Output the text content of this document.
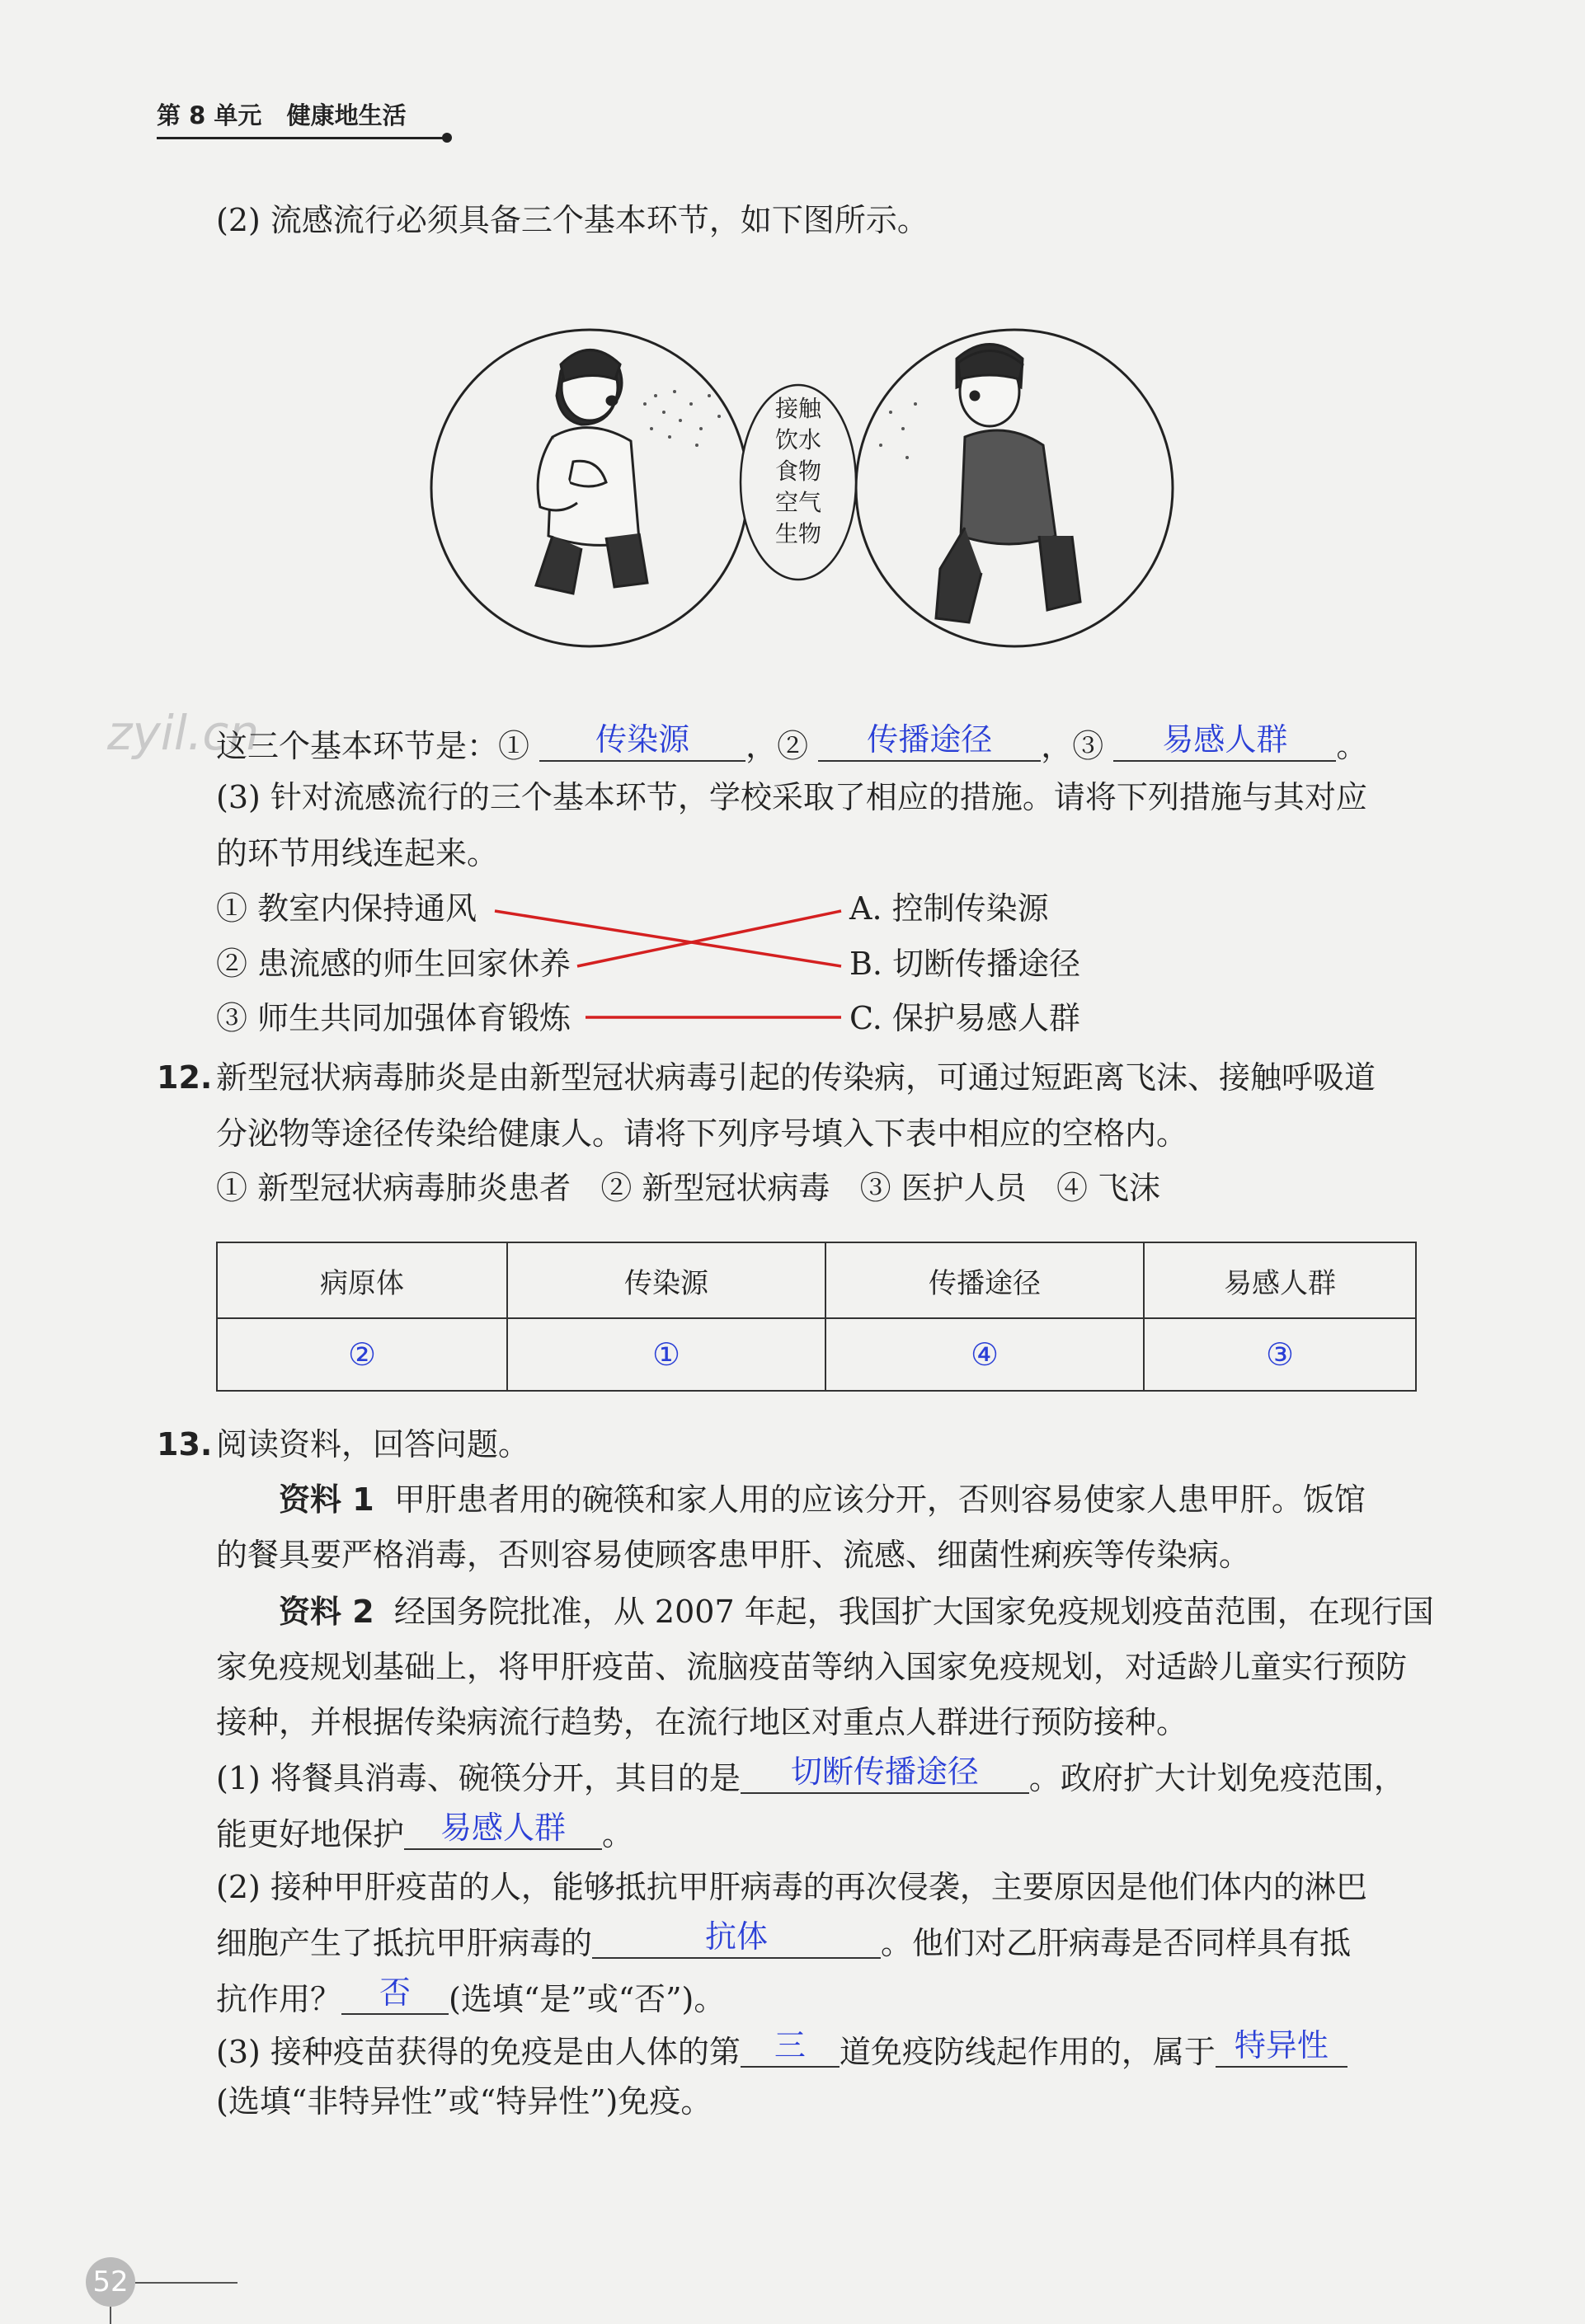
第 8 单元 健康地生活
(2) 流感流行必须具备三个基本环节，如下图所示。
接触
饮水
食物
空气
生物
zyil.cn
这三个基本环节是：①	传染源	，②	传播途径	，③	易感人群	。
(3) 针对流感流行的三个基本环节，学校采取了相应的措施。请将下列措施与其对应
的环节用线连起来。
① 教室内保持通风
② 患流感的师生回家休养
③ 师生共同加强体育锻炼
A. 控制传染源
B. 切断传播途径
C. 保护易感人群
12. 新型冠状病毒肺炎是由新型冠状病毒引起的传染病，可通过短距离飞沫、接触呼吸道
分泌物等途径传染给健康人。请将下列序号填入下表中相应的空格内。
① 新型冠状病毒肺炎患者   ② 新型冠状病毒   ③ 医护人员   ④ 飞沫
病原体	传染源	传播途径	易感人群
②	①	④	③
13. 阅读资料，回答问题。
资料 1 甲肝患者用的碗筷和家人用的应该分开，否则容易使家人患甲肝。饭馆
的餐具要严格消毒，否则容易使顾客患甲肝、流感、细菌性痢疾等传染病。
资料 2 经国务院批准，从 2007 年起，我国扩大国家免疫规划疫苗范围，在现行国
家免疫规划基础上，将甲肝疫苗、流脑疫苗等纳入国家免疫规划，对适龄儿童实行预防
接种，并根据传染病流行趋势，在流行地区对重点人群进行预防接种。
(1) 将餐具消毒、碗筷分开，其目的是	切断传播途径	。政府扩大计划免疫范围，
能更好地保护	易感人群	。
(2) 接种甲肝疫苗的人，能够抵抗甲肝病毒的再次侵袭，主要原因是他们体内的淋巴
细胞产生了抵抗甲肝病毒的	抗体	。他们对乙肝病毒是否同样具有抵
抗作用？	否	(选填“是”或“否”)。
(3) 接种疫苗获得的免疫是由人体的第	三	道免疫防线起作用的，属于 特异性
(选填“非特异性”或“特异性”)免疫。
52
